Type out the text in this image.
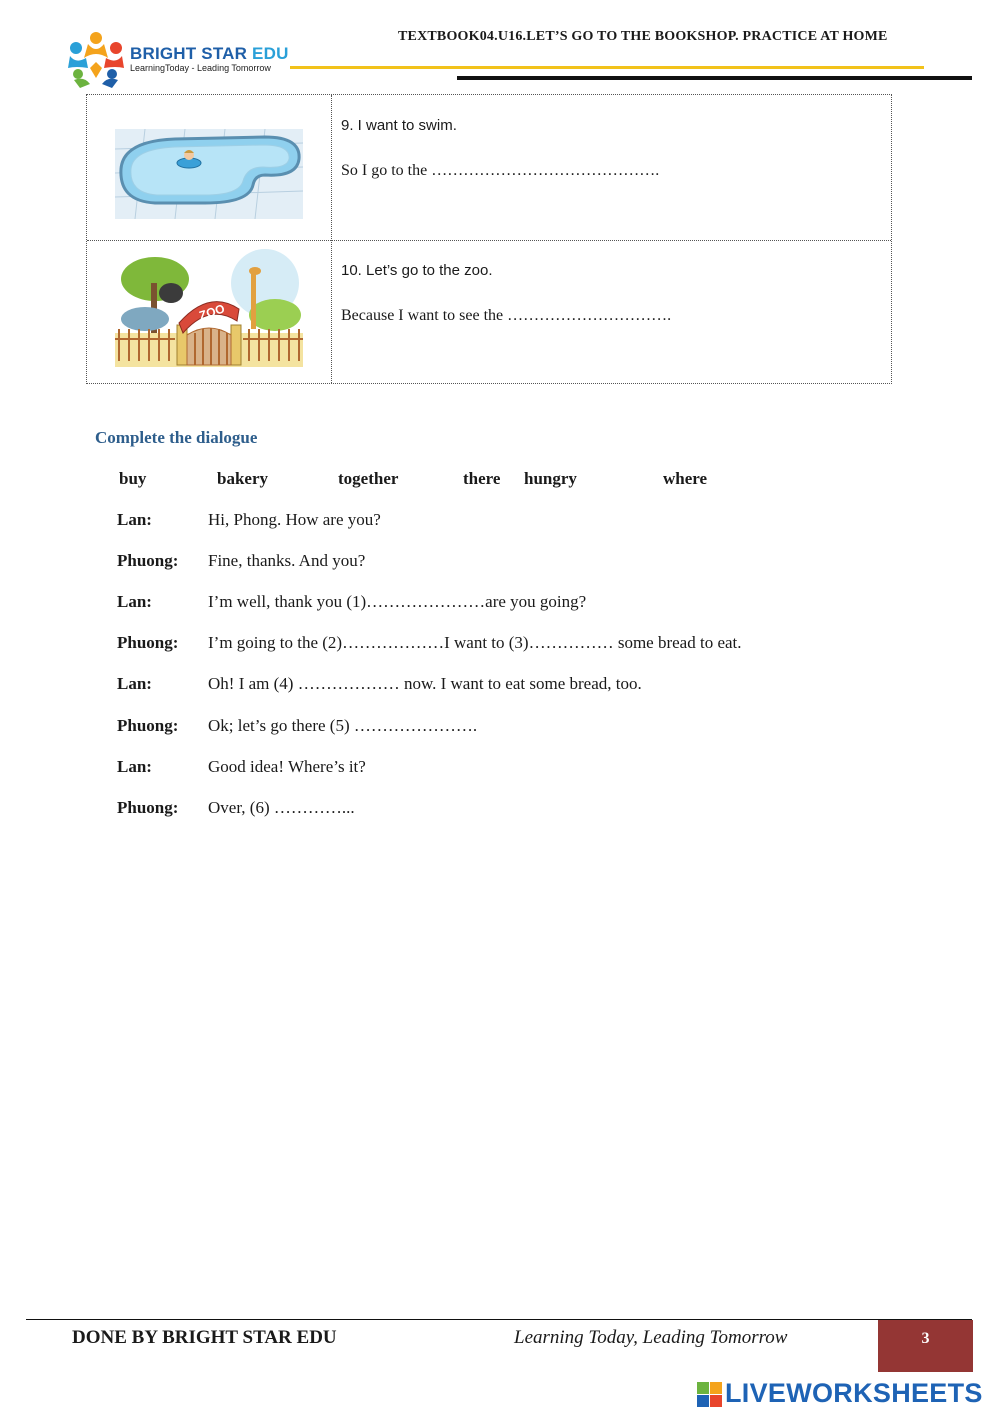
BRIGHT STAR EDU
LearningToday - Leading Tomorrow
TEXTBOOK04.U16.LET’S GO TO THE BOOKSHOP. PRACTICE AT HOME
9. I want to swim.
So I go to the …………………………………….
ZOO
10. Let’s go to the zoo.
Because I want to see the ………………………….
Complete the dialogue
buy	bakery	together	there hungry	where
Lan:	Hi, Phong. How are you?
Phuong: Fine, thanks. And you?
Lan:	I’m well, thank you (1)…………………are you going?
Phuong: I’m going to the (2)………………I want to (3)…………… some bread to eat.
Lan:	Oh! I am (4) ……………… now. I want to eat some bread, too.
Phuong: Ok; let’s go there (5) ………………….
Lan:	Good idea! Where’s it?
Phuong: Over, (6) …………...
DONE BY BRIGHT STAR EDU	Learning Today, Leading Tomorrow	3
LIVEWORKSHEETS
